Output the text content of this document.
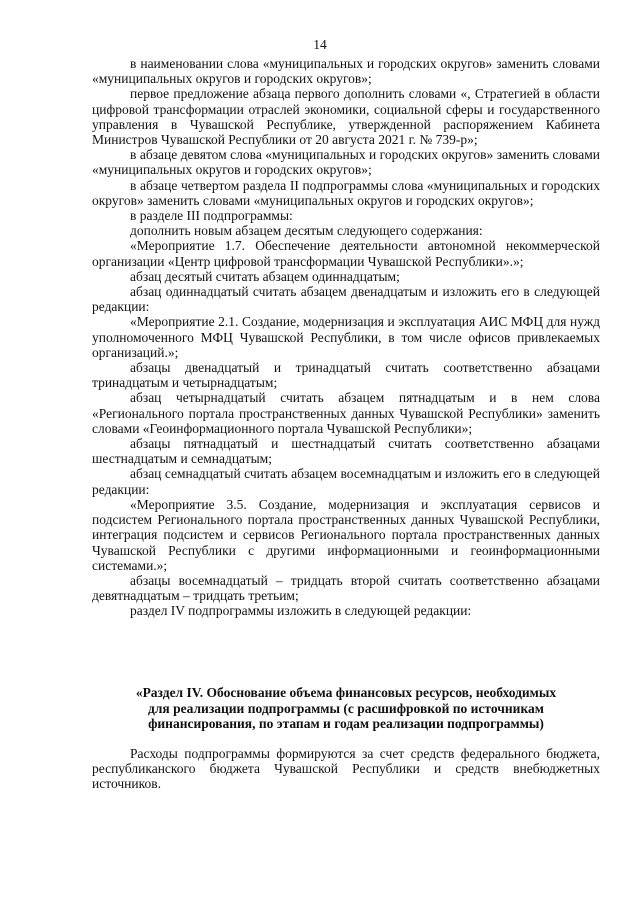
14

в наименовании слова «муниципальных и городских округов» заменить словами «муниципальных округов и городских округов»;

первое предложение абзаца первого дополнить словами «, Стратегией в области цифровой трансформации отраслей экономики, социальной сферы и государственного управления в Чувашской Республике, утвержденной распоряжением Кабинета Министров Чувашской Республики от 20 августа 2021 г. № 739-р»;

в абзаце девятом слова «муниципальных и городских округов» заменить словами «муниципальных округов и городских округов»;

в абзаце четвертом раздела II подпрограммы слова «муниципальных и городских округов» заменить словами «муниципальных округов и городских округов»;

в разделе III подпрограммы:

дополнить новым абзацем десятым следующего содержания:

«Мероприятие 1.7. Обеспечение деятельности автономной некоммерческой организации «Центр цифровой трансформации Чувашской Республики».»;

абзац десятый считать абзацем одиннадцатым;

абзац одиннадцатый считать абзацем двенадцатым и изложить его в следующей редакции:

«Мероприятие 2.1. Создание, модернизация и эксплуатация АИС МФЦ для нужд уполномоченного МФЦ Чувашской Республики, в том числе офисов привлекаемых организаций.»;

абзацы двенадцатый и тринадцатый считать соответственно абзацами тринадцатым и четырнадцатым;

абзац четырнадцатый считать абзацем пятнадцатым и в нем слова «Регионального портала пространственных данных Чувашской Республики» заменить словами «Геоинформационного портала Чувашской Республики»;

абзацы пятнадцатый и шестнадцатый считать соответственно абзацами шестнадцатым и семнадцатым;

абзац семнадцатый считать абзацем восемнадцатым и изложить его в следующей редакции:

«Мероприятие 3.5. Создание, модернизация и эксплуатация сервисов и подсистем Регионального портала пространственных данных Чувашской Республики, интеграция подсистем и сервисов Регионального портала пространственных данных Чувашской Республики с другими информационными и геоинформационными системами.»;

абзацы восемнадцатый – тридцать второй считать соответственно абзацами девятнадцатым – тридцать третьим;

раздел IV подпрограммы изложить в следующей редакции:

«Раздел IV. Обоснование объема финансовых ресурсов, необходимых
для реализации подпрограммы (с расшифровкой по источникам
финансирования, по этапам и годам реализации подпрограммы)

Расходы подпрограммы формируются за счет средств федерального бюджета, республиканского бюджета Чувашской Республики и средств внебюджетных источников.
